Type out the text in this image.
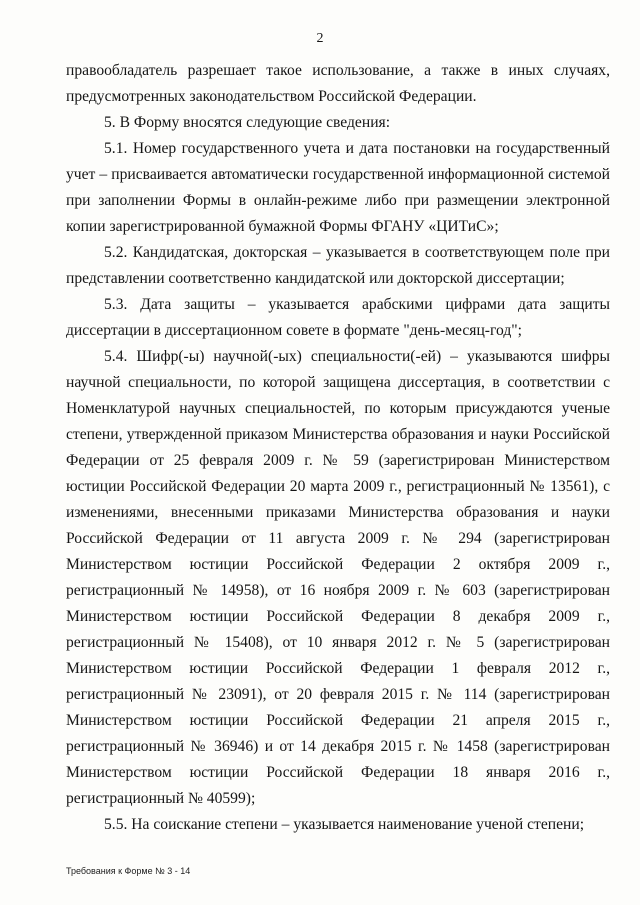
2

правообладатель разрешает такое использование, а также в иных случаях, предусмотренных законодательством Российской Федерации.

5. В Форму вносятся следующие сведения:

5.1. Номер государственного учета и дата постановки на государственный учет – присваивается автоматически государственной информационной системой при заполнении Формы в онлайн-режиме либо при размещении электронной копии зарегистрированной бумажной Формы ФГАНУ «ЦИТиС»;

5.2. Кандидатская, докторская – указывается в соответствующем поле при представлении соответственно кандидатской или докторской диссертации;

5.3. Дата защиты – указывается арабскими цифрами дата защиты диссертации в диссертационном совете в формате "день-месяц-год";

5.4. Шифр(-ы) научной(-ых) специальности(-ей) – указываются шифры научной специальности, по которой защищена диссертация, в соответствии с Номенклатурой научных специальностей, по которым присуждаются ученые степени, утвержденной приказом Министерства образования и науки Российской Федерации от 25 февраля 2009 г. № 59 (зарегистрирован Министерством юстиции Российской Федерации 20 марта 2009 г., регистрационный № 13561), с изменениями, внесенными приказами Министерства образования и науки Российской Федерации от 11 августа 2009 г. № 294 (зарегистрирован Министерством юстиции Российской Федерации 2 октября 2009 г., регистрационный № 14958), от 16 ноября 2009 г. № 603 (зарегистрирован Министерством юстиции Российской Федерации 8 декабря 2009 г., регистрационный № 15408), от 10 января 2012 г. № 5 (зарегистрирован Министерством юстиции Российской Федерации 1 февраля 2012 г., регистрационный № 23091), от 20 февраля 2015 г. № 114 (зарегистрирован Министерством юстиции Российской Федерации 21 апреля 2015 г., регистрационный № 36946) и от 14 декабря 2015 г. № 1458 (зарегистрирован Министерством юстиции Российской Федерации 18 января 2016 г., регистрационный № 40599);

5.5. На соискание степени – указывается наименование ученой степени;

Требования к Форме № 3 - 14
